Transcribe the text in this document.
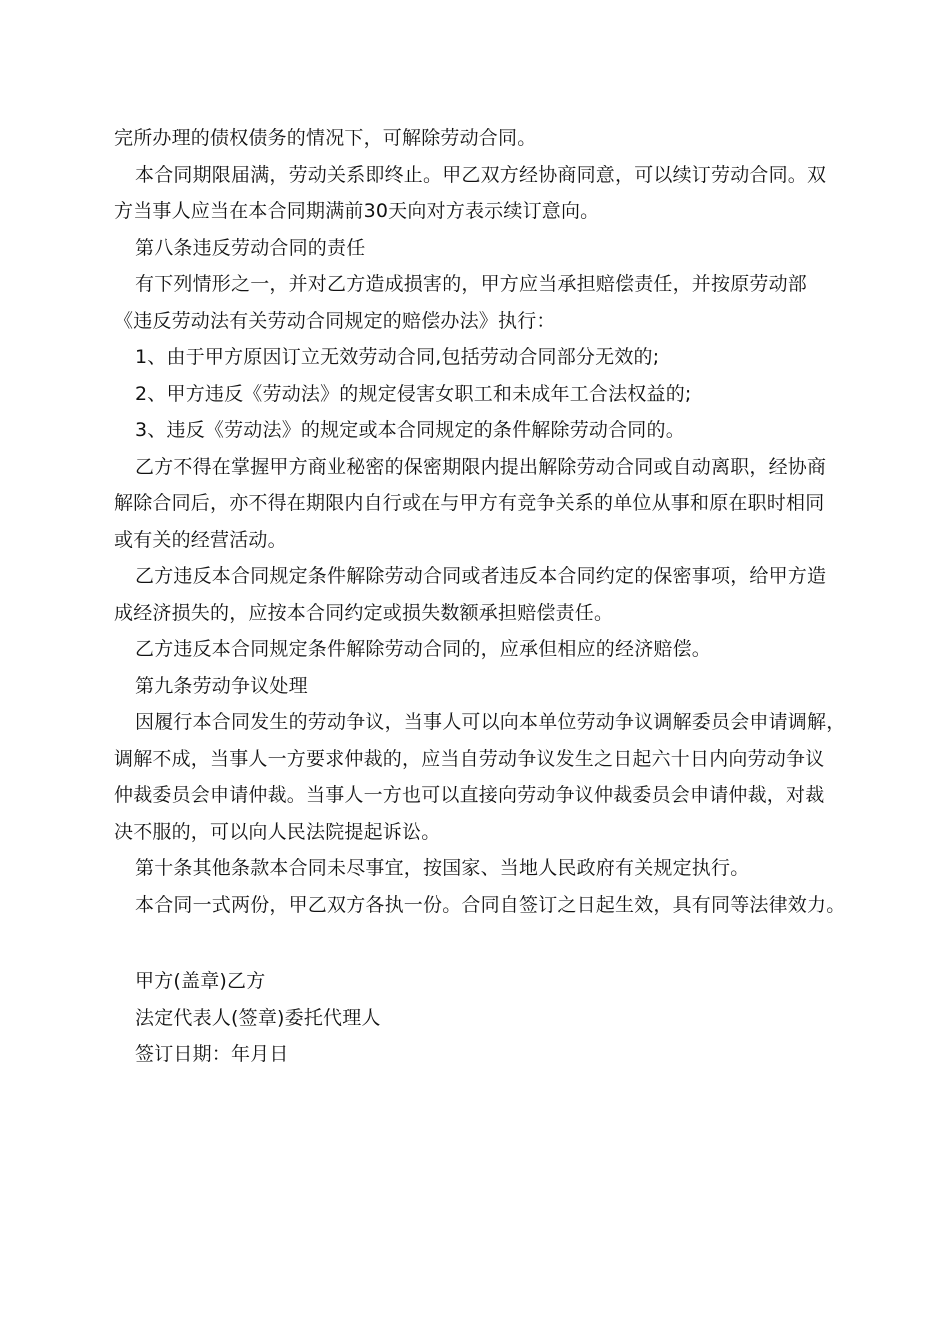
完所办理的债权债务的情况下，可解除劳动合同。
本合同期限届满，劳动关系即终止。甲乙双方经协商同意，可以续订劳动合同。双
方当事人应当在本合同期满前30天向对方表示续订意向。
第八条违反劳动合同的责任
有下列情形之一，并对乙方造成损害的，甲方应当承担赔偿责任，并按原劳动部
《违反劳动法有关劳动合同规定的赔偿办法》执行：
1、由于甲方原因订立无效劳动合同,包括劳动合同部分无效的;
2、甲方违反《劳动法》的规定侵害女职工和未成年工合法权益的;
3、违反《劳动法》的规定或本合同规定的条件解除劳动合同的。
乙方不得在掌握甲方商业秘密的保密期限内提出解除劳动合同或自动离职，经协商
解除合同后，亦不得在期限内自行或在与甲方有竞争关系的单位从事和原在职时相同
或有关的经营活动。
乙方违反本合同规定条件解除劳动合同或者违反本合同约定的保密事项，给甲方造
成经济损失的，应按本合同约定或损失数额承担赔偿责任。
乙方违反本合同规定条件解除劳动合同的，应承但相应的经济赔偿。
第九条劳动争议处理
因履行本合同发生的劳动争议，当事人可以向本单位劳动争议调解委员会申请调解，
调解不成，当事人一方要求仲裁的，应当自劳动争议发生之日起六十日内向劳动争议
仲裁委员会申请仲裁。当事人一方也可以直接向劳动争议仲裁委员会申请仲裁，对裁
决不服的，可以向人民法院提起诉讼。
第十条其他条款本合同未尽事宜，按国家、当地人民政府有关规定执行。
本合同一式两份，甲乙双方各执一份。合同自签订之日起生效，具有同等法律效力。
甲方(盖章)乙方
法定代表人(签章)委托代理人
签订日期：年月日
